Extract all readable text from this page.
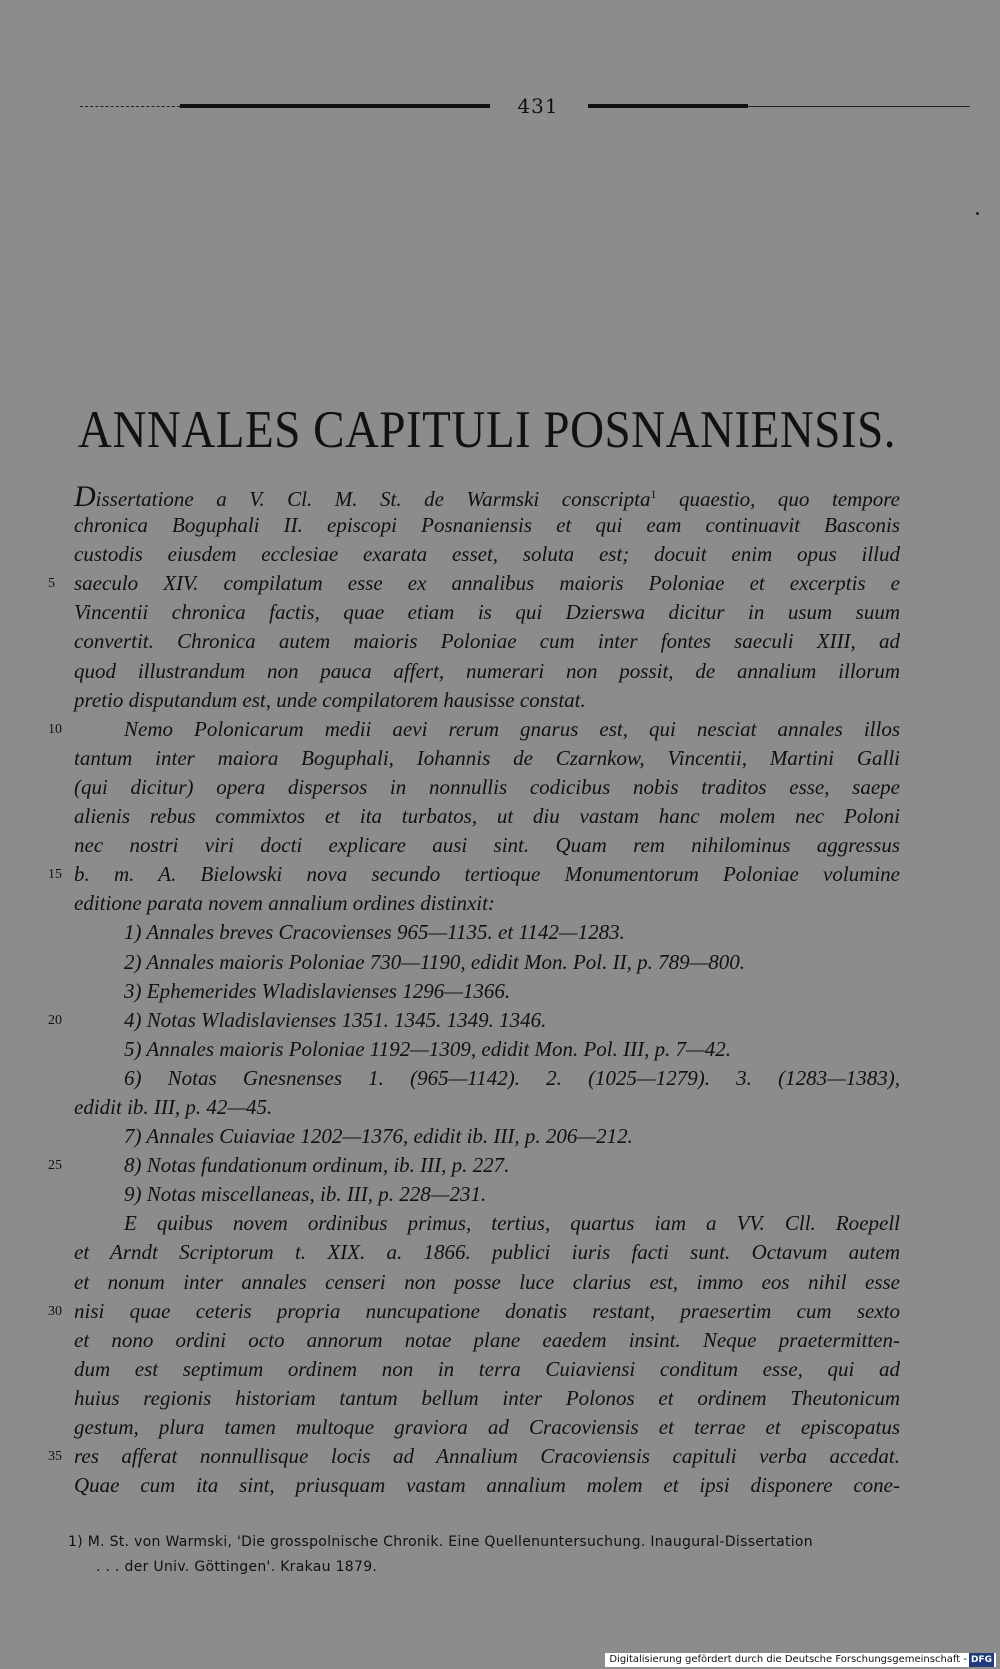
431
ANNALES CAPITULI POSNANIENSIS.
Dissertatione a V. Cl. M. St. de Warmski conscripta$^1$ quaestio, quo tempore
chronica Boguphali II. episcopi Posnaniensis et qui eam continuavit Basconis
custodis eiusdem ecclesiae exarata esset, soluta est; docuit enim opus illud
5 saeculo XIV. compilatum esse ex annalibus maioris Poloniae et excerptis e
Vincentii chronica factis, quae etiam is qui Dzierswa dicitur in usum suum
convertit. Chronica autem maioris Poloniae cum inter fontes saeculi XIII, ad
quod illustrandum non pauca affert, numerari non possit, de annalium illorum
pretio disputandum est, unde compilatorem hausisse constat.
10	Nemo Polonicarum medii aevi rerum gnarus est, qui nesciat annales illos
tantum inter maiora Boguphali, Iohannis de Czarnkow, Vincentii, Martini Galli
(qui dicitur) opera dispersos in nonnullis codicibus nobis traditos esse, saepe
alienis rebus commixtos et ita turbatos, ut diu vastam hanc molem nec Poloni
nec nostri viri docti explicare ausi sint. Quam rem nihilominus aggressus
15 b. m. A. Bielowski nova secundo tertioque Monumentorum Poloniae volumine
editione parata novem annalium ordines distinxit:
1) Annales breves Cracovienses 965—1135. et 1142—1283.
2) Annales maioris Poloniae 730—1190, edidit Mon. Pol. II, p. 789—800.
3) Ephemerides Wladislavienses 1296—1366.
20	4) Notas Wladislavienses 1351. 1345. 1349. 1346.
5) Annales maioris Poloniae 1192—1309, edidit Mon. Pol. III, p. 7—42.
6) Notas Gnesnenses 1. (965—1142). 2. (1025—1279). 3. (1283—1383),
edidit ib. III, p. 42—45.
7) Annales Cuiaviae 1202—1376, edidit ib. III, p. 206—212.
25	8) Notas fundationum ordinum, ib. III, p. 227.
9) Notas miscellaneas, ib. III, p. 228—231.
E quibus novem ordinibus primus, tertius, quartus iam a VV. Cll. Roepell
et Arndt Scriptorum t. XIX. a. 1866. publici iuris facti sunt. Octavum autem
et nonum inter annales censeri non posse luce clarius est, immo eos nihil esse
30 nisi quae ceteris propria nuncupatione donatis restant, praesertim cum sexto
et nono ordini octo annorum notae plane eaedem insint. Neque praetermitten-
dum est septimum ordinem non in terra Cuiaviensi conditum esse, qui ad
huius regionis historiam tantum bellum inter Polonos et ordinem Theutonicum
gestum, plura tamen multoque graviora ad Cracoviensis et terrae et episcopatus
35 res afferat nonnullisque locis ad Annalium Cracoviensis capituli verba accedat.
Quae cum ita sint, priusquam vastam annalium molem et ipsi disponere cone-
1) M. St. von Warmski, 'Die grosspolnische Chronik. Eine Quellenuntersuchung. Inaugural-Dissertation
. . . der Univ. Göttingen'. Krakau 1879.
Digitalisierung gefördert durch die Deutsche Forschungsgemeinschaft - DFG
